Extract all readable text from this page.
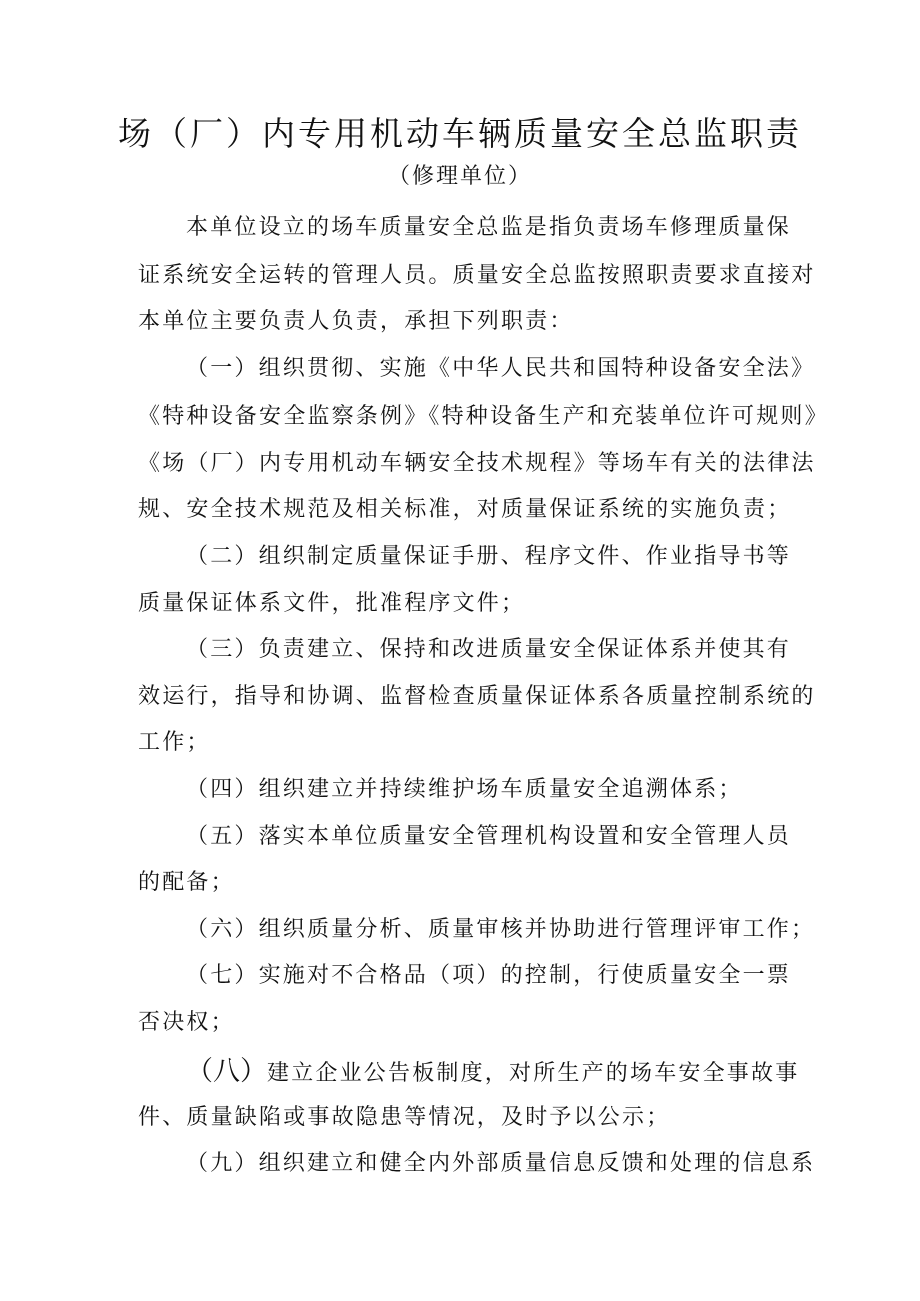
场（厂）内专用机动车辆质量安全总监职责
（修理单位）
本单位设立的场车质量安全总监是指负责场车修理质量保
证系统安全运转的管理人员。质量安全总监按照职责要求直接对
本单位主要负责人负责，承担下列职责：
（一）组织贯彻、实施《中华人民共和国特种设备安全法》
《特种设备安全监察条例》《特种设备生产和充装单位许可规则》
《场（厂）内专用机动车辆安全技术规程》等场车有关的法律法
规、安全技术规范及相关标准，对质量保证系统的实施负责；
（二）组织制定质量保证手册、程序文件、作业指导书等
质量保证体系文件，批准程序文件；
（三）负责建立、保持和改进质量安全保证体系并使其有
效运行，指导和协调、监督检查质量保证体系各质量控制系统的
工作；
（四）组织建立并持续维护场车质量安全追溯体系；
（五）落实本单位质量安全管理机构设置和安全管理人员
的配备；
（六）组织质量分析、质量审核并协助进行管理评审工作；
（七）实施对不合格品（项）的控制，行使质量安全一票
否决权；
（八）建立企业公告板制度，对所生产的场车安全事故事
件、质量缺陷或事故隐患等情况，及时予以公示；
（九）组织建立和健全内外部质量信息反馈和处理的信息系
